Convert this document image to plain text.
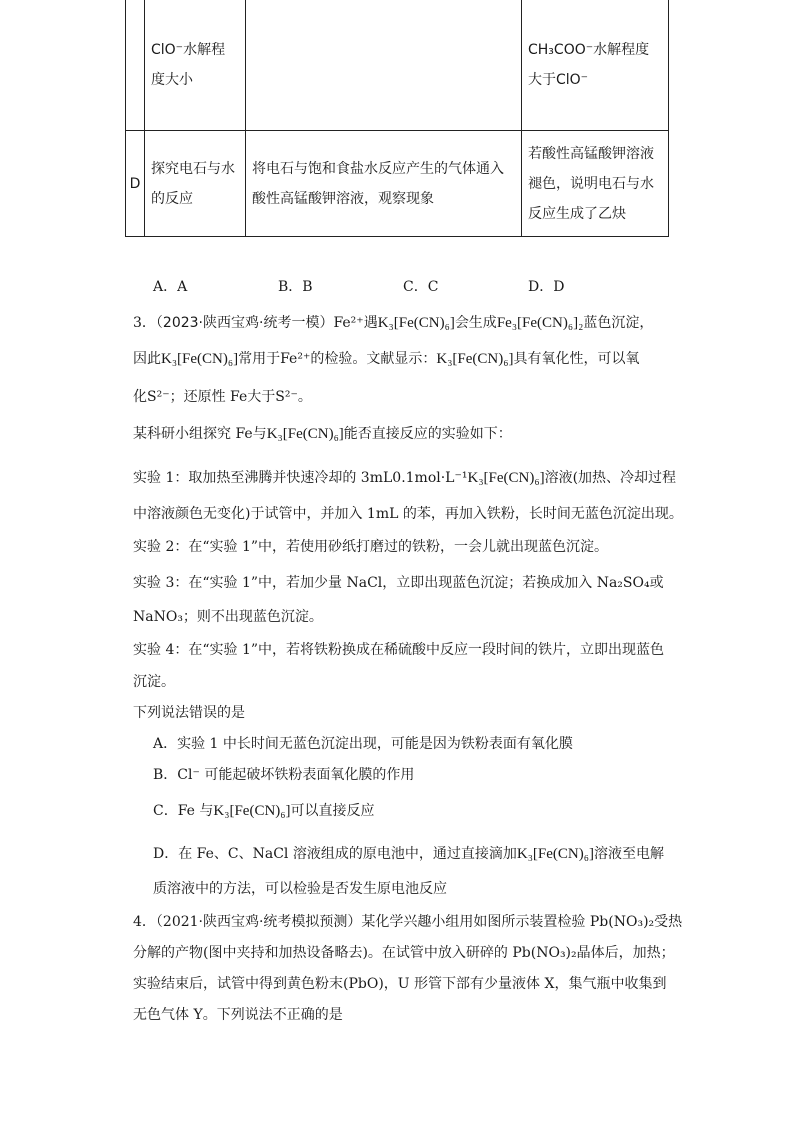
	ClO⁻水解程度大小		CH₃COO⁻水解程度大于ClO⁻
D	探究电石与水的反应	将电石与饱和食盐水反应产生的气体通入酸性高锰酸钾溶液，观察现象	若酸性高锰酸钾溶液褪色，说明电石与水反应生成了乙炔
A．A	B．B	C．C	D．D
3．（2023·陕西宝鸡·统考一模）Fe²⁺遇K₃[Fe(CN)₆]会生成Fe₃[Fe(CN)₆]₂蓝色沉淀，
因此K₃[Fe(CN)₆]常用于Fe²⁺的检验。文献显示：K₃[Fe(CN)₆]具有氧化性，可以氧
化S²⁻；还原性 Fe大于S²⁻。
某科研小组探究 Fe与K₃[Fe(CN)₆]能否直接反应的实验如下：
实验 1：取加热至沸腾并快速冷却的 3mL0.1mol·L⁻¹K₃[Fe(CN)₆]溶液(加热、冷却过程
中溶液颜色无变化)于试管中，并加入 1mL 的苯，再加入铁粉，长时间无蓝色沉淀出现。
实验 2：在“实验 1”中，若使用砂纸打磨过的铁粉，一会儿就出现蓝色沉淀。
实验 3：在“实验 1”中，若加少量 NaCl，立即出现蓝色沉淀；若换成加入 Na₂SO₄或
NaNO₃；则不出现蓝色沉淀。
实验 4：在“实验 1”中，若将铁粉换成在稀硫酸中反应一段时间的铁片，立即出现蓝色
沉淀。
下列说法错误的是
A．实验 1 中长时间无蓝色沉淀出现，可能是因为铁粉表面有氧化膜
B．Cl⁻ 可能起破坏铁粉表面氧化膜的作用
C．Fe 与K₃[Fe(CN)₆]可以直接反应
D．在 Fe、C、NaCl 溶液组成的原电池中，通过直接滴加K₃[Fe(CN)₆]溶液至电解
质溶液中的方法，可以检验是否发生原电池反应
4．（2021·陕西宝鸡·统考模拟预测）某化学兴趣小组用如图所示装置检验 Pb(NO₃)₂受热
分解的产物(图中夹持和加热设备略去)。在试管中放入研碎的 Pb(NO₃)₂晶体后，加热；
实验结束后，试管中得到黄色粉末(PbO)，U 形管下部有少量液体 X，集气瓶中收集到
无色气体 Y。下列说法不正确的是
